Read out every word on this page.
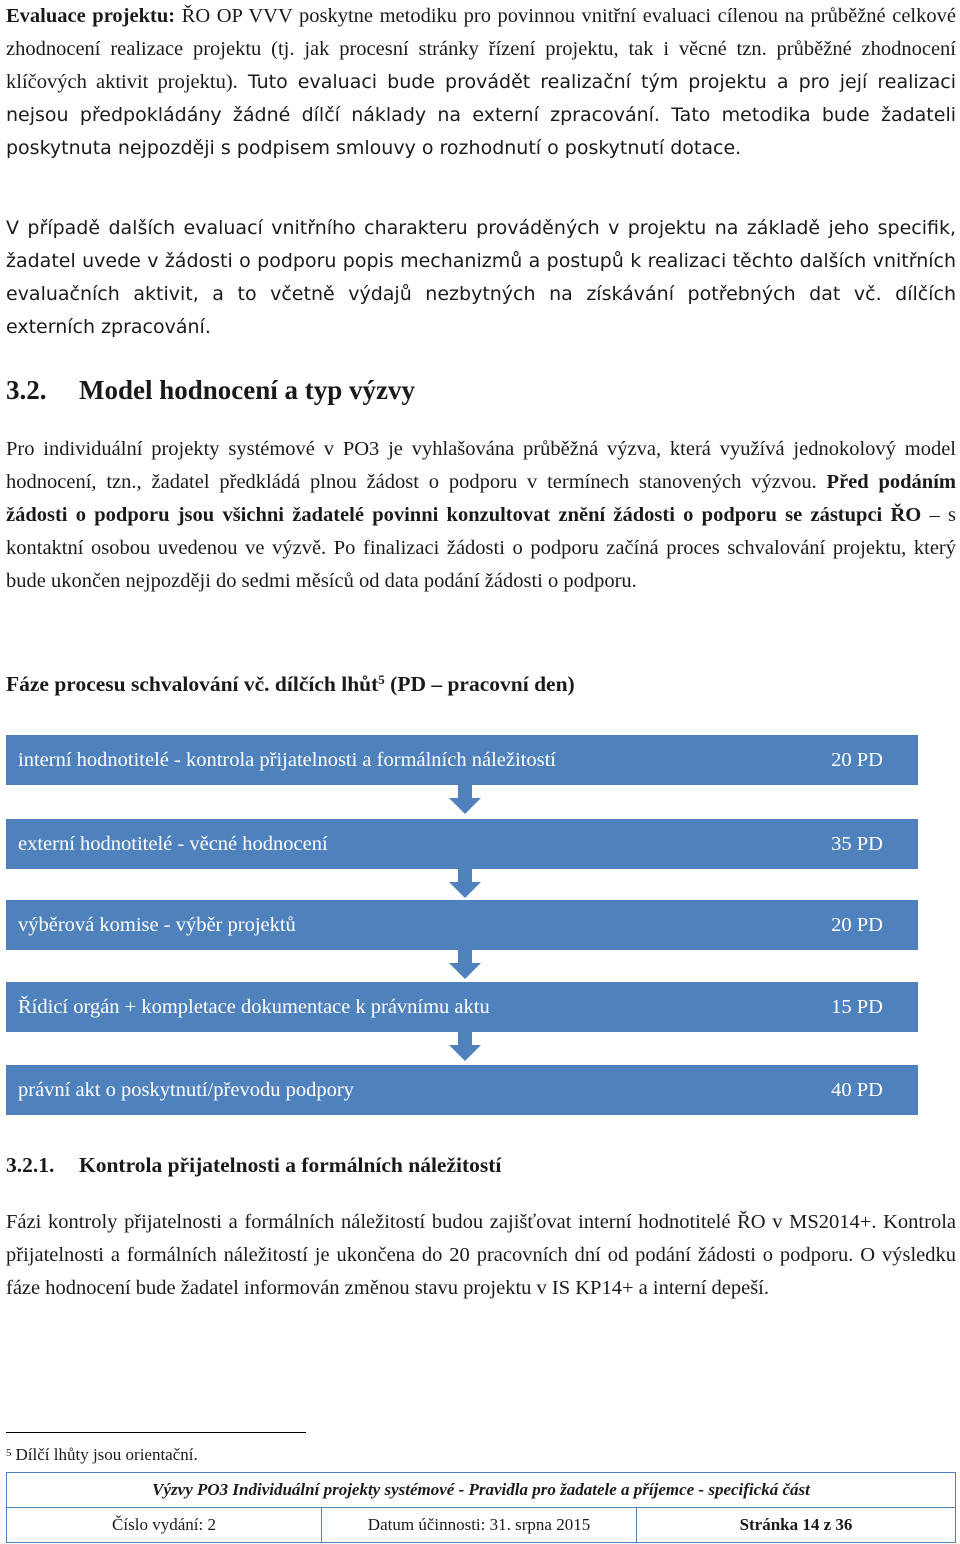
Evaluace projektu: ŘO OP VVV poskytne metodiku pro povinnou vnitřní evaluaci cílenou na průběžné celkové zhodnocení realizace projektu (tj. jak procesní stránky řízení projektu, tak i věcné tzn. průběžné zhodnocení klíčových aktivit projektu). Tuto evaluaci bude provádět realizační tým projektu a pro její realizaci nejsou předpokládány žádné dílčí náklady na externí zpracování. Tato metodika bude žadateli poskytnuta nejpozději s podpisem smlouvy o rozhodnutí o poskytnutí dotace.

V případě dalších evaluací vnitřního charakteru prováděných v projektu na základě jeho specifik, žadatel uvede v žádosti o podporu popis mechanizmů a postupů k realizaci těchto dalších vnitřních evaluačních aktivit, a to včetně výdajů nezbytných na získávání potřebných dat vč. dílčích externích zpracování.

3.2. Model hodnocení a typ výzvy

Pro individuální projekty systémové v PO3 je vyhlašována průběžná výzva, která využívá jednokolový model hodnocení, tzn., žadatel předkládá plnou žádost o podporu v termínech stanovených výzvou. Před podáním žádosti o podporu jsou všichni žadatelé povinni konzultovat znění žádosti o podporu se zástupci ŘO – s kontaktní osobou uvedenou ve výzvě. Po finalizaci žádosti o podporu začíná proces schvalování projektu, který bude ukončen nejpozději do sedmi měsíců od data podání žádosti o podporu.

Fáze procesu schvalování vč. dílčích lhůt$^5$ (PD – pracovní den)
interní hodnotitelé - kontrola přijatelnosti a formálních náležitostí	20 PD
externí hodnotitelé - věcné hodnocení	35 PD
výběrová komise - výběr projektů	20 PD
Řídicí orgán + kompletace dokumentace k právnímu aktu	15 PD
právní akt o poskytnutí/převodu podpory	40 PD
3.2.1. Kontrola přijatelnosti a formálních náležitostí

Fázi kontroly přijatelnosti a formálních náležitostí budou zajišťovat interní hodnotitelé ŘO v MS2014+. Kontrola přijatelnosti a formálních náležitostí je ukončena do 20 pracovních dní od podání žádosti o podporu. O výsledku fáze hodnocení bude žadatel informován změnou stavu projektu v IS KP14+ a interní depeší.

$^5$ Dílčí lhůty jsou orientační.
Výzvy PO3 Individuální projekty systémové - Pravidla pro žadatele a příjemce - specifická část
Číslo vydání: 2	Datum účinnosti: 31. srpna 2015	Stránka 14 z 36
